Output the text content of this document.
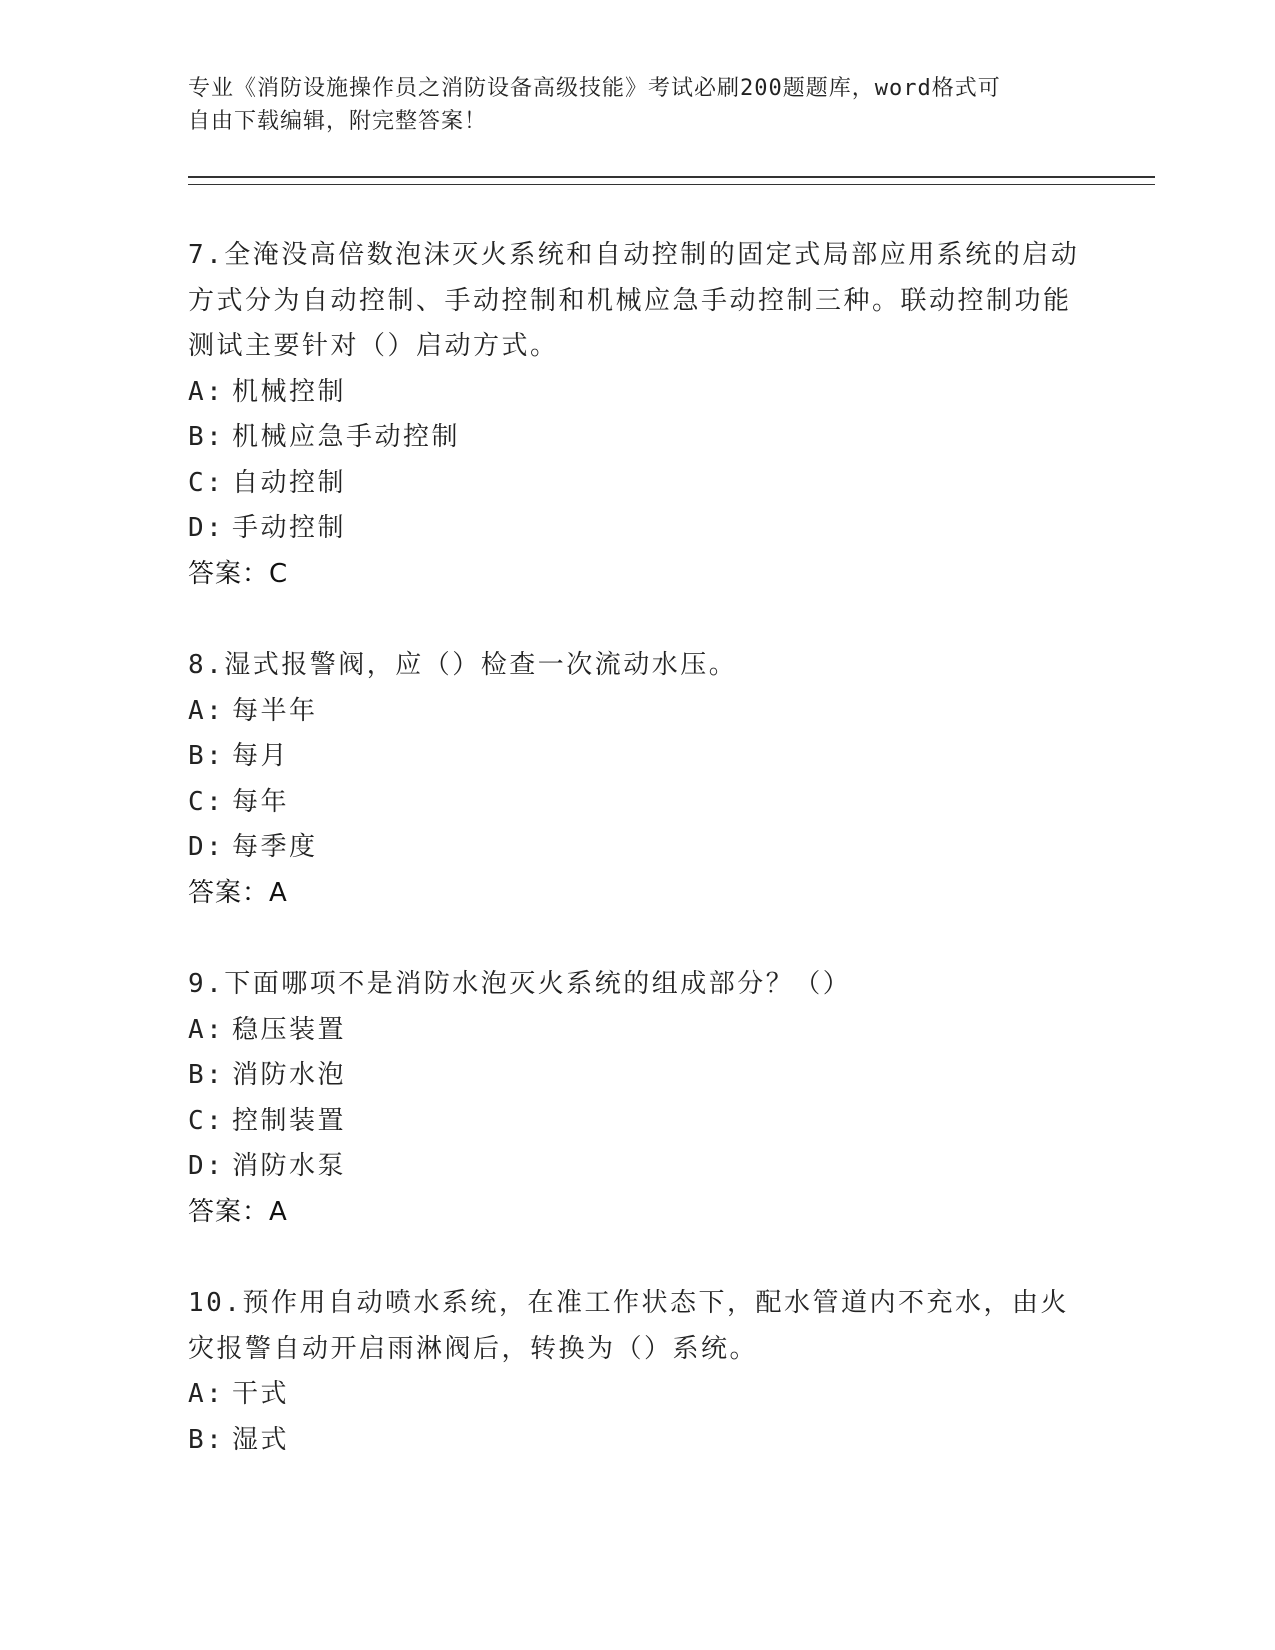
专业《消防设施操作员之消防设备高级技能》考试必刷200题题库，word格式可
自由下载编辑，附完整答案！
7.全淹没高倍数泡沫灭火系统和自动控制的固定式局部应用系统的启动方式分为自动控制、手动控制和机械应急手动控制三种。联动控制功能测试主要针对（）启动方式。
A: 机械控制
B: 机械应急手动控制
C: 自动控制
D: 手动控制
答案：C
8.湿式报警阀，应（）检查一次流动水压。
A: 每半年
B: 每月
C: 每年
D: 每季度
答案：A
9.下面哪项不是消防水泡灭火系统的组成部分？（）
A: 稳压装置
B: 消防水泡
C: 控制装置
D: 消防水泵
答案：A
10.预作用自动喷水系统，在准工作状态下，配水管道内不充水，由火灾报警自动开启雨淋阀后，转换为（）系统。
A: 干式
B: 湿式
